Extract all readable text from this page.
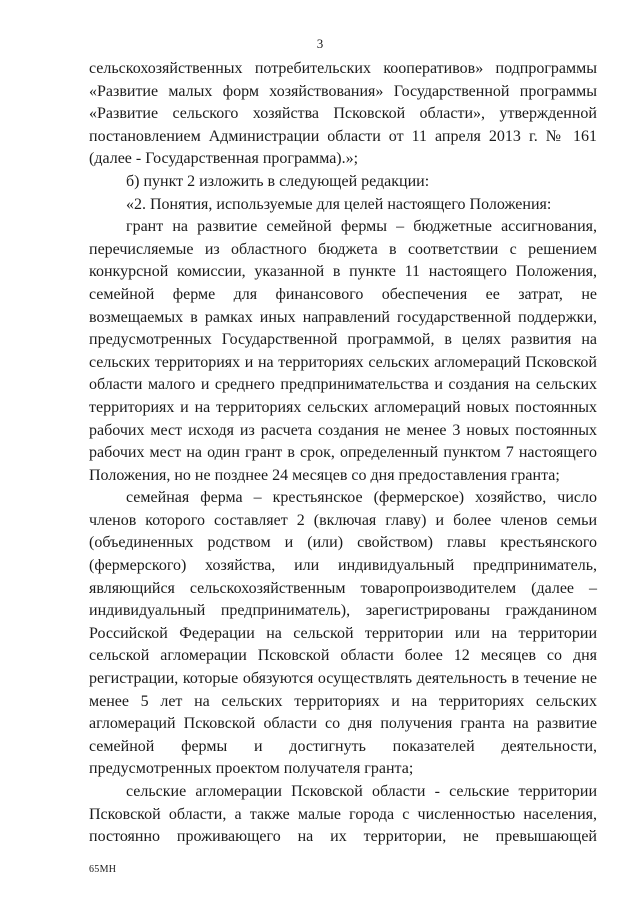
3
сельскохозяйственных потребительских кооперативов» подпрограммы
«Развитие малых форм хозяйствования» Государственной программы
«Развитие сельского хозяйства Псковской области», утвержденной
постановлением Администрации области от 11 апреля 2013 г. № 161
(далее - Государственная программа).»;
б) пункт 2 изложить в следующей редакции:
«2. Понятия, используемые для целей настоящего Положения:
грант на развитие семейной фермы – бюджетные ассигнования,
перечисляемые из областного бюджета в соответствии с решением
конкурсной комиссии, указанной в пункте 11 настоящего Положения,
семейной ферме для финансового обеспечения ее затрат, не
возмещаемых в рамках иных направлений государственной поддержки,
предусмотренных Государственной программой, в целях развития на
сельских территориях и на территориях сельских агломераций Псковской
области малого и среднего предпринимательства и создания на сельских
территориях и на территориях сельских агломераций новых постоянных
рабочих мест исходя из расчета создания не менее 3 новых постоянных
рабочих мест на один грант в срок, определенный пунктом 7 настоящего
Положения, но не позднее 24 месяцев со дня предоставления гранта;
семейная ферма – крестьянское (фермерское) хозяйство, число
членов которого составляет 2 (включая главу) и более членов семьи
(объединенных родством и (или) свойством) главы крестьянского
(фермерского) хозяйства, или индивидуальный предприниматель,
являющийся сельскохозяйственным товаропроизводителем (далее –
индивидуальный предприниматель), зарегистрированы гражданином
Российской Федерации на сельской территории или на территории
сельской агломерации Псковской области более 12 месяцев со дня
регистрации, которые обязуются осуществлять деятельность в течение не
менее 5 лет на сельских территориях и на территориях сельских
агломераций Псковской области со дня получения гранта на развитие
семейной фермы и достигнуть показателей деятельности,
предусмотренных проектом получателя гранта;
сельские агломерации Псковской области - сельские территории
Псковской области, а также малые города с численностью населения,
постоянно проживающего на их территории, не превышающей
65МН
